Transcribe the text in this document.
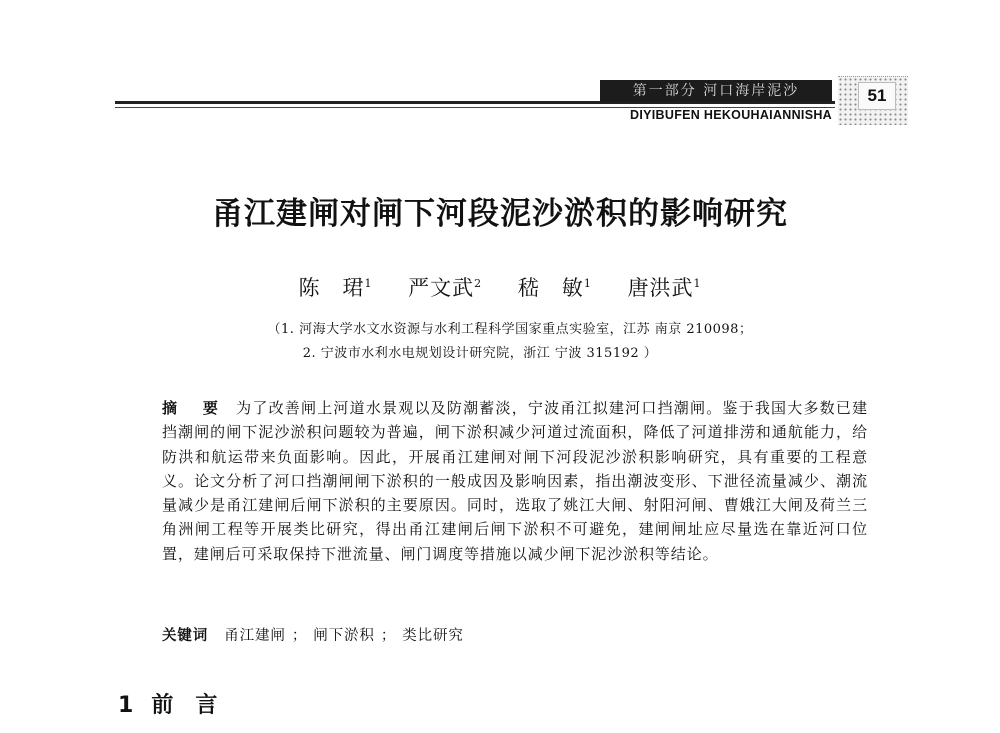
第一部分 河口海岸泥沙
DIYIBUFEN HEKOUHAIANNISHA
51
甬江建闸对闸下河段泥沙淤积的影响研究
陈　珺$^1$ 严文武$^2$ 嵇　敏$^1$ 唐洪武$^1$
（1. 河海大学水文水资源与水利工程科学国家重点实验室，江苏 南京 210098；
2. 宁波市水利水电规划设计研究院，浙江 宁波 315192 ）
摘 要 为了改善闸上河道水景观以及防潮蓄淡，宁波甬江拟建河口挡潮闸。鉴于我国大多数已建挡潮闸的闸下泥沙淤积问题较为普遍，闸下淤积减少河道过流面积，降低了河道排涝和通航能力，给防洪和航运带来负面影响。因此，开展甬江建闸对闸下河段泥沙淤积影响研究，具有重要的工程意义。论文分析了河口挡潮闸闸下淤积的一般成因及影响因素，指出潮波变形、下泄径流量减少、潮流量减少是甬江建闸后闸下淤积的主要原因。同时，选取了姚江大闸、射阳河闸、曹娥江大闸及荷兰三角洲闸工程等开展类比研究，得出甬江建闸后闸下淤积不可避免，建闸闸址应尽量选在靠近河口位置，建闸后可采取保持下泄流量、闸门调度等措施以减少闸下泥沙淤积等结论。
关键词 甬江建闸 ； 闸下淤积 ； 类比研究
1 前言
